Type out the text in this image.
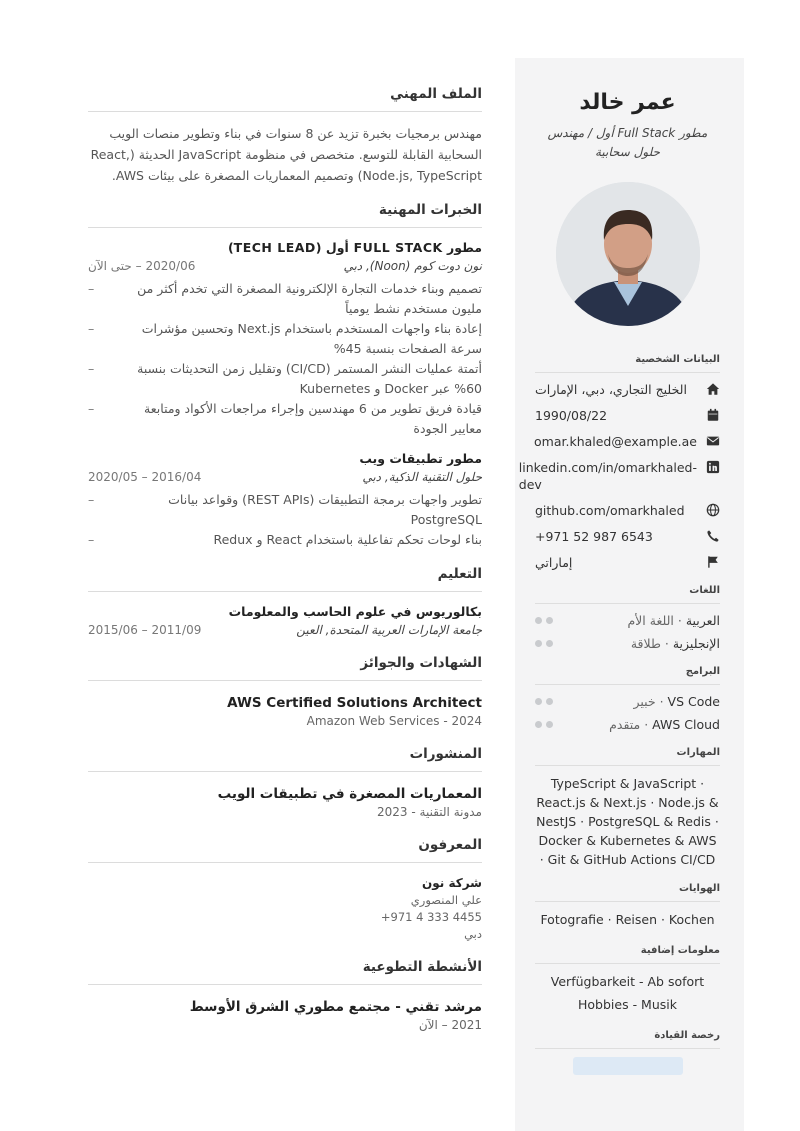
عمر خالد
مطور Full Stack أول / مهندس حلول سحابية
البيانات الشخصية
الخليج التجاري، دبي، الإمارات
1990/08/22
omar.khaled@example.ae
linkedin.com/in/omarkhaled-dev
github.com/omarkhaled
+971 52 987 6543
إماراتي
اللغات
العربية · اللغة الأم
الإنجليزية · طلاقة
البرامج
VS Code · خبير
AWS Cloud · متقدم
المهارات
TypeScript & JavaScript · React.js & Next.js · Node.js & NestJS · PostgreSQL & Redis · Docker & Kubernetes & AWS · Git & GitHub Actions CI/CD
الهوايات
Fotografie · Reisen · Kochen
معلومات إضافية
Verfügbarkeit - Ab sofort
Hobbies - Musik
رخصة القيادة
الملف المهني
مهندس برمجيات بخبرة تزيد عن 8 سنوات في بناء وتطوير منصات الويب السحابية القابلة للتوسع. متخصص في منظومة JavaScript الحديثة (React, Node.js, TypeScript) وتصميم المعماريات المصغرة على بيئات AWS.
الخبرات المهنية
مطور FULL STACK أول (TECH LEAD)
نون دوت كوم (Noon), دبي
2020/06 – حتى الآن
تصميم وبناء خدمات التجارة الإلكترونية المصغرة التي تخدم أكثر من مليون مستخدم نشط يومياً –
إعادة بناء واجهات المستخدم باستخدام Next.js وتحسين مؤشرات سرعة الصفحات بنسبة 45% –
أتمتة عمليات النشر المستمر (CI/CD) وتقليل زمن التحديثات بنسبة 60% عبر Docker و Kubernetes –
قيادة فريق تطوير من 6 مهندسين وإجراء مراجعات الأكواد ومتابعة معايير الجودة –
مطور تطبيقات ويب
حلول التقنية الذكية, دبي
2016/04 – 2020/05
تطوير واجهات برمجة التطبيقات (REST APIs) وقواعد بيانات PostgreSQL –
بناء لوحات تحكم تفاعلية باستخدام React و Redux –
التعليم
بكالوريوس في علوم الحاسب والمعلومات
جامعة الإمارات العربية المتحدة, العين
2011/09 – 2015/06
الشهادات والجوائز
AWS Certified Solutions Architect
Amazon Web Services - 2024
المنشورات
المعماريات المصغرة في تطبيقات الويب
مدونة التقنية - 2023
المعرفون
شركة نون
علي المنصوري
+971 4 333 4455
دبي
الأنشطة التطوعية
مرشد تقني - مجتمع مطوري الشرق الأوسط
2021 – الآن
